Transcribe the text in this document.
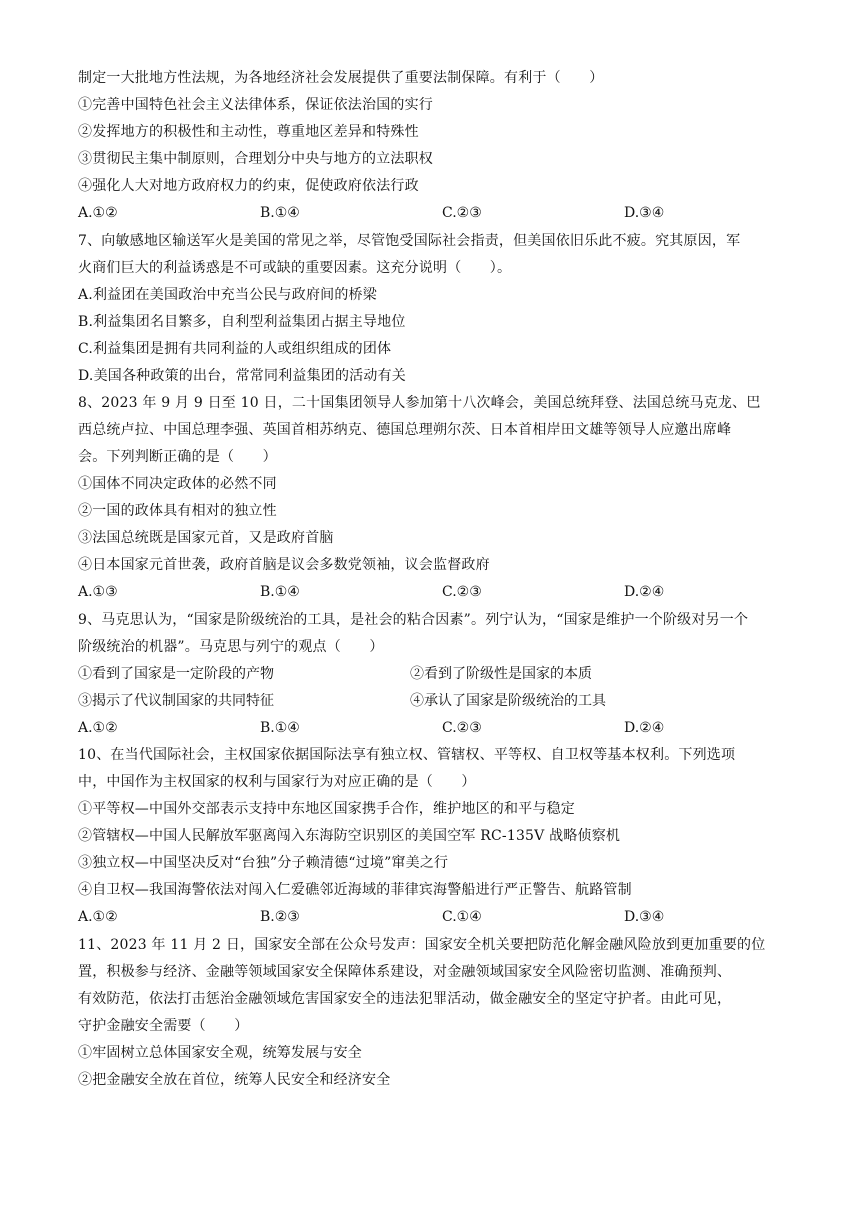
制定一大批地方性法规，为各地经济社会发展提供了重要法制保障。有利于（　　）
①完善中国特色社会主义法律体系，保证依法治国的实行
②发挥地方的积极性和主动性，尊重地区差异和特殊性
③贯彻民主集中制原则，合理划分中央与地方的立法职权
④强化人大对地方政府权力的约束，促使政府依法行政
A.①②	B.①④	C.②③	D.③④
7、向敏感地区输送军火是美国的常见之举，尽管饱受国际社会指责，但美国依旧乐此不疲。究其原因，军
火商们巨大的利益诱惑是不可或缺的重要因素。这充分说明（　　）。
A.利益团在美国政治中充当公民与政府间的桥梁
B.利益集团名目繁多，自利型利益集团占据主导地位
C.利益集团是拥有共同利益的人或组织组成的团体
D.美国各种政策的出台，常常同利益集团的活动有关
8、2023 年 9 月 9 日至 10 日，二十国集团领导人参加第十八次峰会，美国总统拜登、法国总统马克龙、巴
西总统卢拉、中国总理李强、英国首相苏纳克、德国总理朔尔茨、日本首相岸田文雄等领导人应邀出席峰
会。下列判断正确的是（　　）
①国体不同决定政体的必然不同
②一国的政体具有相对的独立性
③法国总统既是国家元首，又是政府首脑
④日本国家元首世袭，政府首脑是议会多数党领袖，议会监督政府
A.①③	B.①④	C.②③	D.②④
9、马克思认为，“国家是阶级统治的工具，是社会的粘合因素”。列宁认为，“国家是维护一个阶级对另一个
阶级统治的机器”。马克思与列宁的观点（　　）
①看到了国家是一定阶段的产物	②看到了阶级性是国家的本质
③揭示了代议制国家的共同特征	④承认了国家是阶级统治的工具
A.①②	B.①④	C.②③	D.②④
10、在当代国际社会，主权国家依据国际法享有独立权、管辖权、平等权、自卫权等基本权利。下列选项
中，中国作为主权国家的权利与国家行为对应正确的是（　　）
①平等权—中国外交部表示支持中东地区国家携手合作，维护地区的和平与稳定
②管辖权—中国人民解放军驱离闯入东海防空识别区的美国空军 RC-135V 战略侦察机
③独立权—中国坚决反对“台独”分子赖清德“过境”窜美之行
④自卫权—我国海警依法对闯入仁爱礁邻近海域的菲律宾海警船进行严正警告、航路管制
A.①②	B.②③	C.①④	D.③④
11、2023 年 11 月 2 日，国家安全部在公众号发声：国家安全机关要把防范化解金融风险放到更加重要的位
置，积极参与经济、金融等领域国家安全保障体系建设，对金融领域国家安全风险密切监测、准确预判、
有效防范，依法打击惩治金融领域危害国家安全的违法犯罪活动，做金融安全的坚定守护者。由此可见，
守护金融安全需要（　　）
①牢固树立总体国家安全观，统筹发展与安全
②把金融安全放在首位，统筹人民安全和经济安全
